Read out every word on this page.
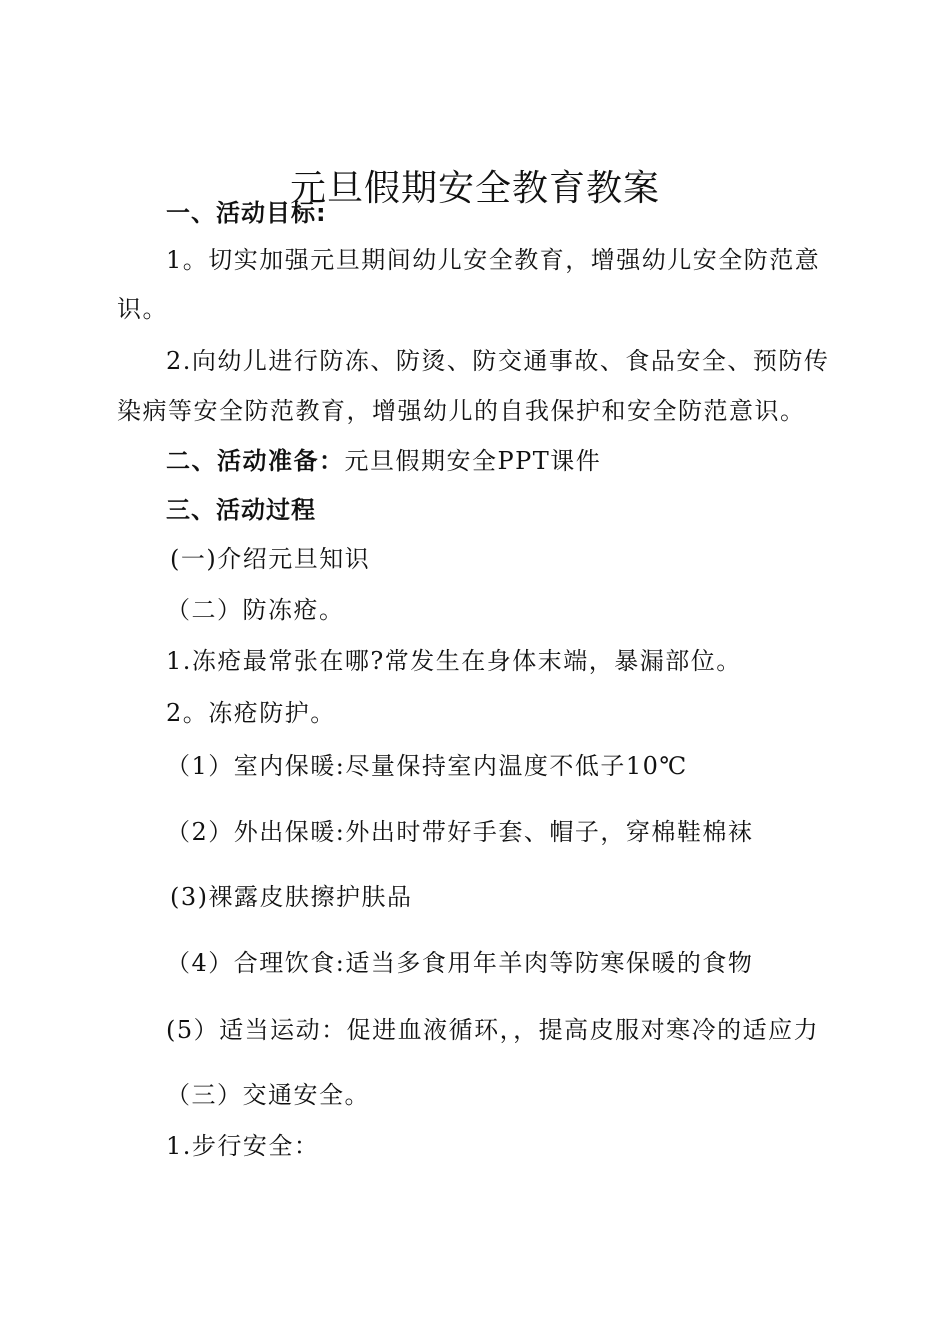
元旦假期安全教育教案
一、活动目标:
1。切实加强元旦期间幼儿安全教育，增强幼儿安全防范意
识。
2.向幼儿进行防冻、防烫、防交通事故、食品安全、预防传
染病等安全防范教育，增强幼儿的自我保护和安全防范意识。
二、活动准备：元旦假期安全PPT课件
三、活动过程
(一)介绍元旦知识
（二）防冻疮。
1.冻疮最常张在哪?常发生在身体末端，暴漏部位。
2。冻疮防护。
（1）室内保暖:尽量保持室内温度不低子10℃
（2）外出保暖:外出时带好手套、帽子，穿棉鞋棉袜
(3)裸露皮肤擦护肤品
（4）合理饮食:适当多食用年羊肉等防寒保暖的食物
(5）适当运动：促进血液循环，，提高皮服对寒冷的适应力
（三）交通安全。
1.步行安全：
